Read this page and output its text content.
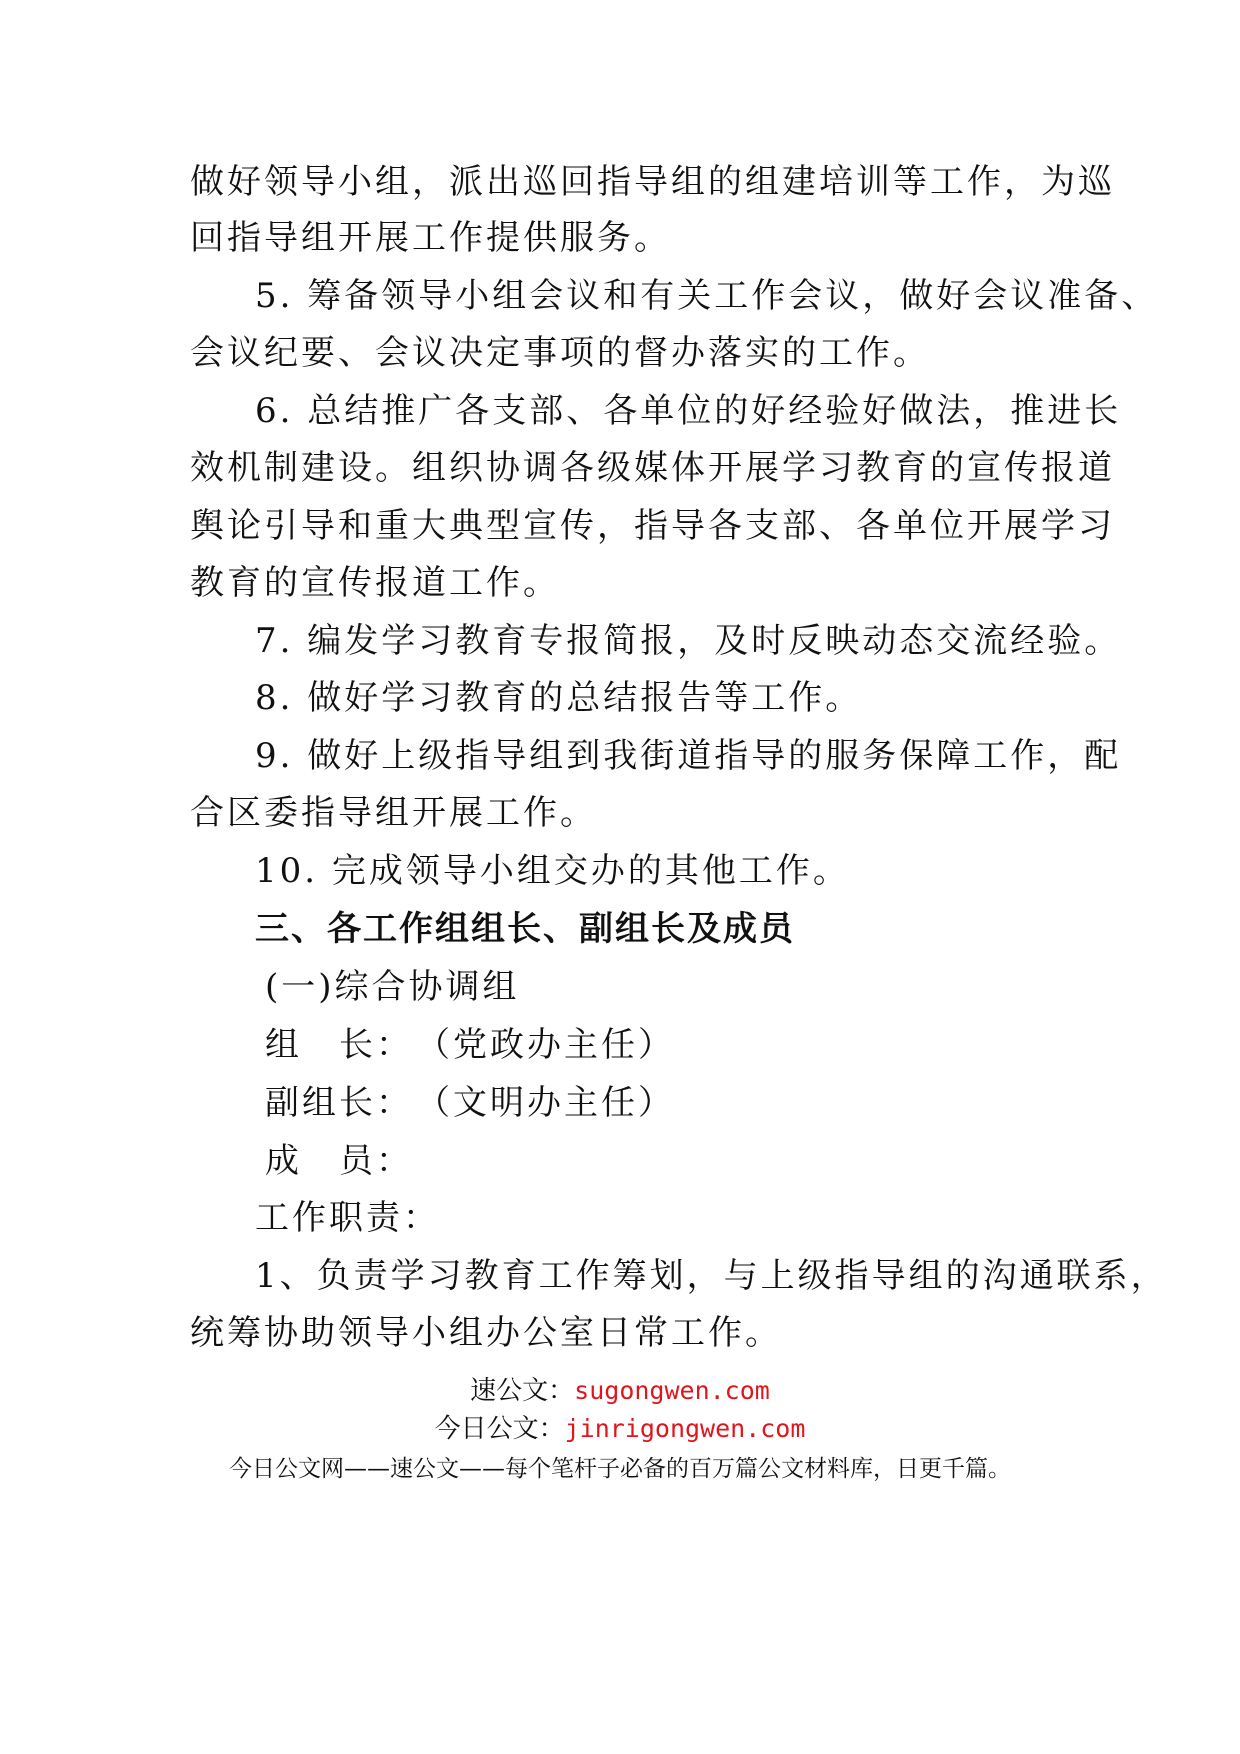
做好领导小组，派出巡回指导组的组建培训等工作，为巡
回指导组开展工作提供服务。
5. 筹备领导小组会议和有关工作会议，做好会议准备、
会议纪要、会议决定事项的督办落实的工作。
6. 总结推广各支部、各单位的好经验好做法，推进长
效机制建设。组织协调各级媒体开展学习教育的宣传报道
舆论引导和重大典型宣传，指导各支部、各单位开展学习
教育的宣传报道工作。
7. 编发学习教育专报简报，及时反映动态交流经验。
8. 做好学习教育的总结报告等工作。
9. 做好上级指导组到我街道指导的服务保障工作，配
合区委指导组开展工作。
10. 完成领导小组交办的其他工作。
三、各工作组组长、副组长及成员
(一)综合协调组
组　长：　（党政办主任）
副组长：　（文明办主任）
成　员：
工作职责：
1、负责学习教育工作筹划，与上级指导组的沟通联系，
统筹协助领导小组办公室日常工作。
速公文：sugongwen.com
今日公文：jinrigongwen.com
今日公文网——速公文——每个笔杆子必备的百万篇公文材料库，日更千篇。
